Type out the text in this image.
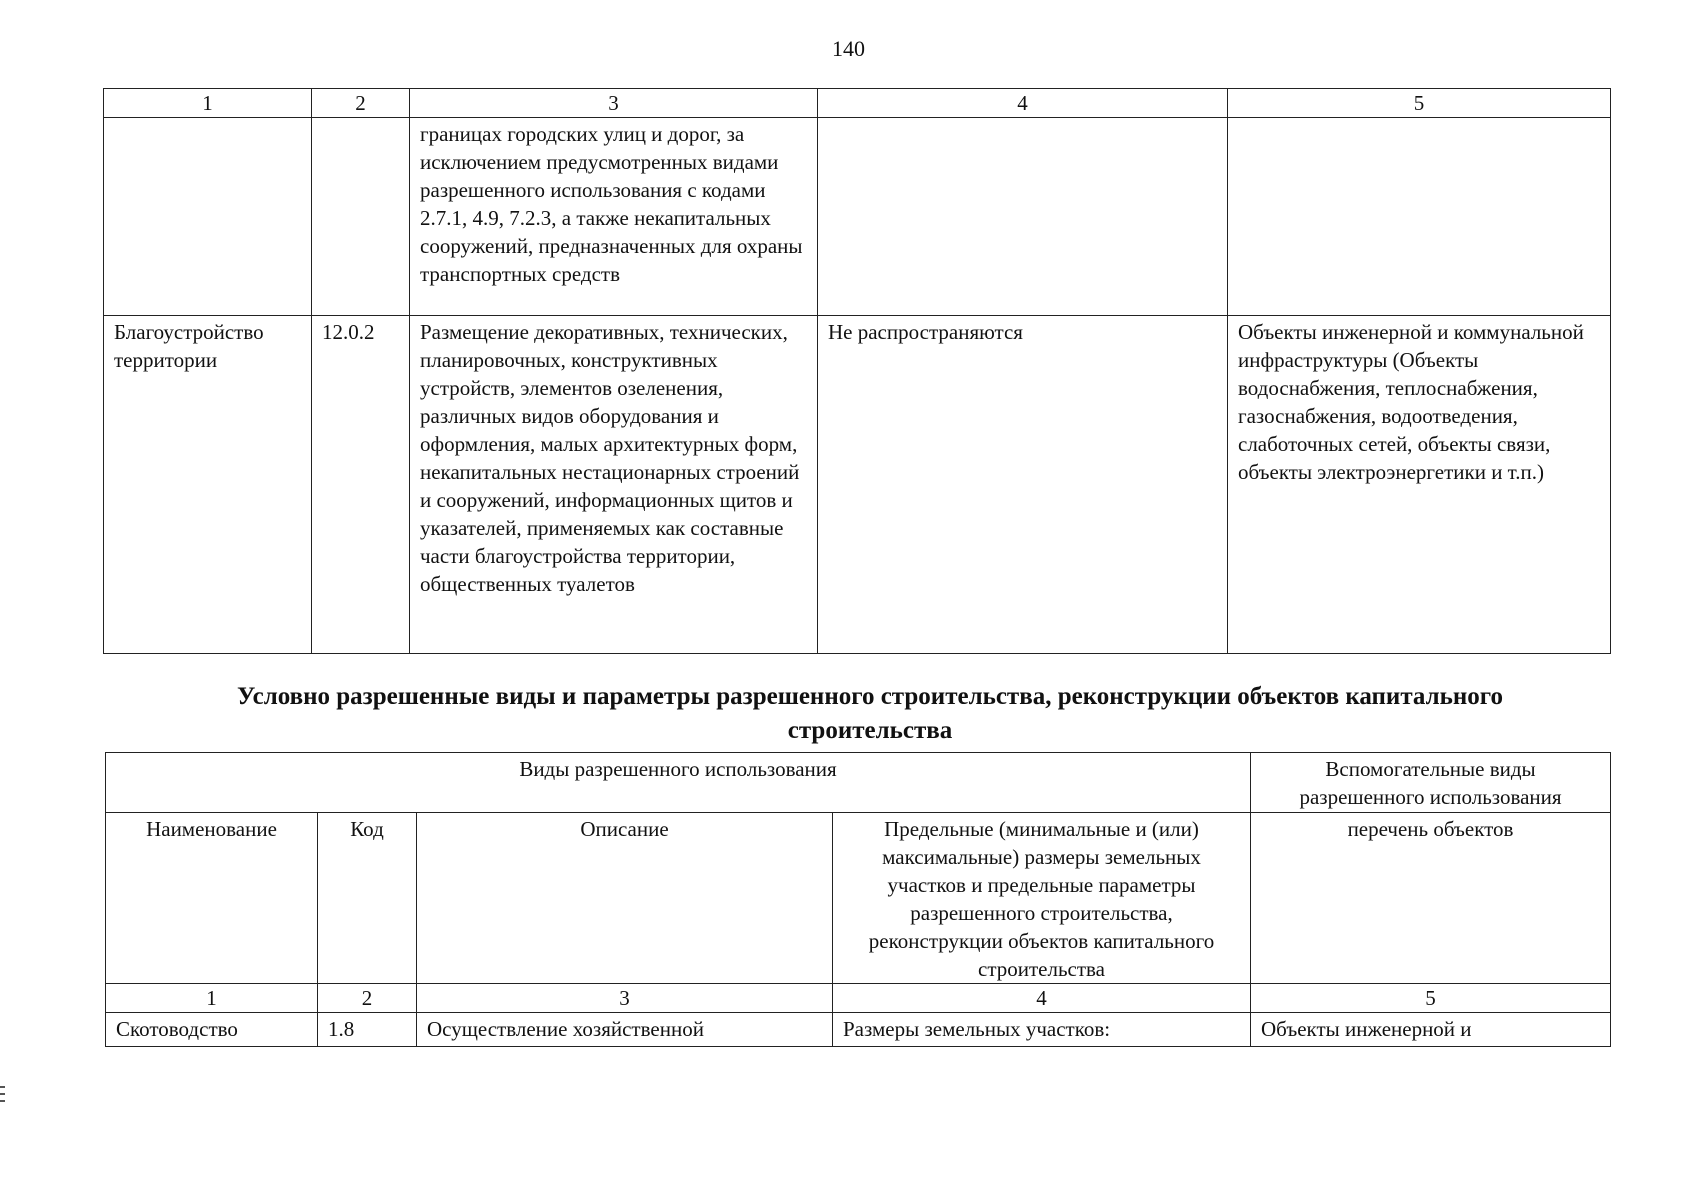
140
1	2	3	4	5
		границах городских улиц и дорог, за исключением предусмотренных видами разрешенного использования с кодами 2.7.1, 4.9, 7.2.3, а также некапитальных сооружений, предназначенных для охраны транспортных средств		
Благоустройство территории	12.0.2	Размещение декоративных, технических, планировочных, конструктивных устройств, элементов озеленения, различных видов оборудования и оформления, малых архитектурных форм, некапитальных нестационарных строений и сооружений, информационных щитов и указателей, применяемых как составные части благоустройства территории, общественных туалетов	Не распространяются	Объекты инженерной и коммунальной инфраструктуры (Объекты водоснабжения, теплоснабжения, газоснабжения, водоотведения, слаботочных сетей, объекты связи, объекты электроэнергетики и т.п.)
Условно разрешенные виды и параметры разрешенного строительства, реконструкции объектов капитального строительства
Виды разрешенного использования				Вспомогательные виды разрешенного использования
Наименование	Код	Описание	Предельные (минимальные и (или) максимальные) размеры земельных участков и предельные параметры разрешенного строительства, реконструкции объектов капитального строительства	перечень объектов
1	2	3	4	5
Скотоводство	1.8	Осуществление хозяйственной	Размеры земельных участков:	Объекты инженерной и
